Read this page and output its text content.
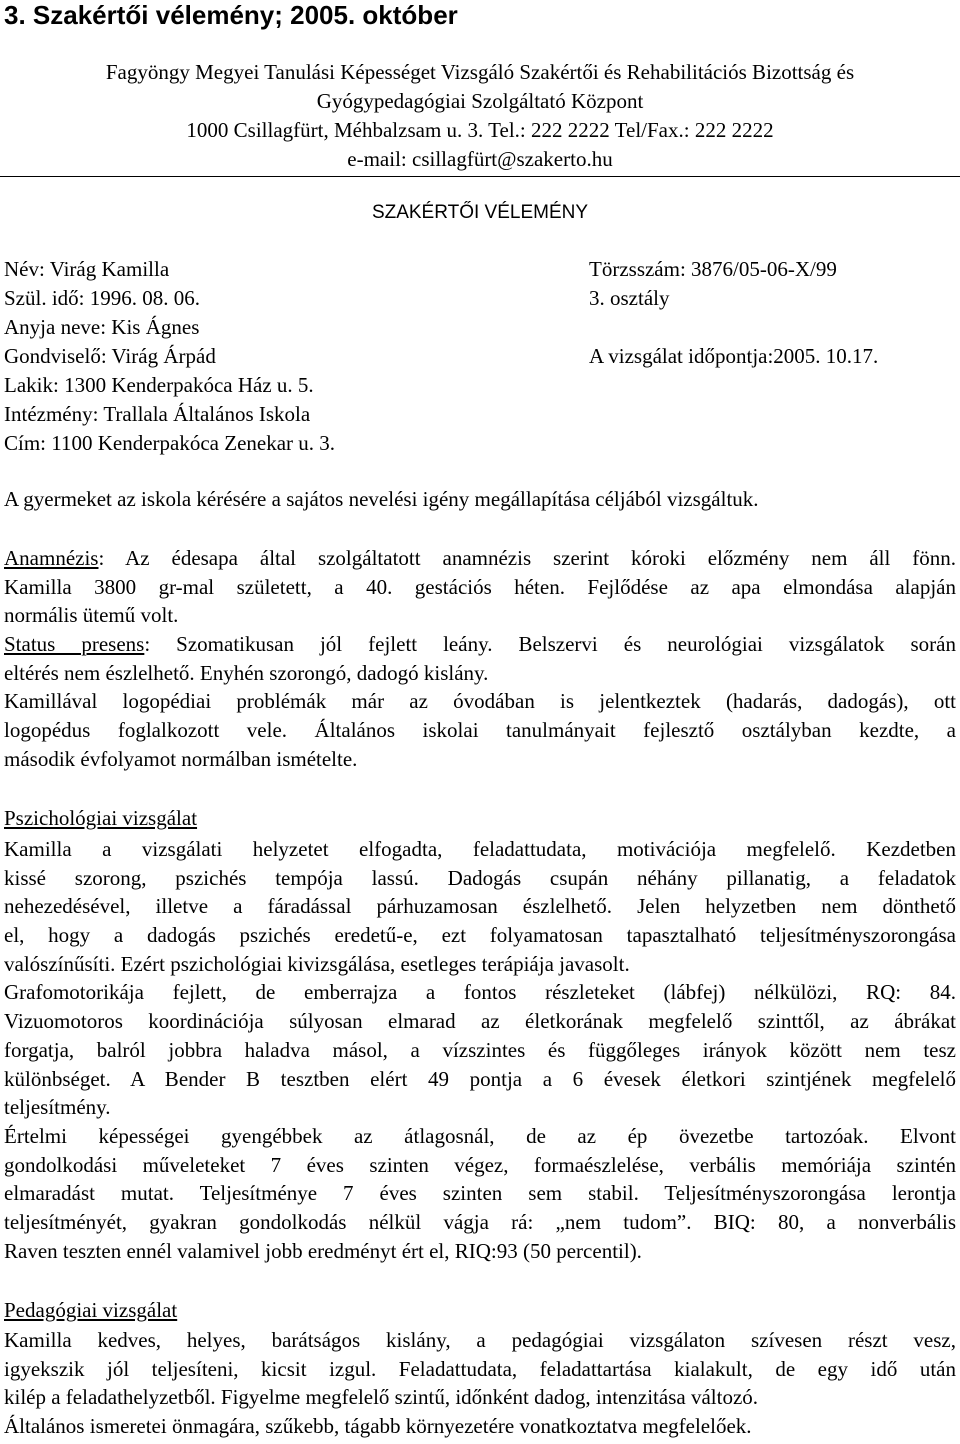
3. Szakértői vélemény; 2005. október
Fagyöngy Megyei Tanulási Képességet Vizsgáló Szakértői és Rehabilitációs Bizottság és
Gyógypedagógiai Szolgáltató Központ
1000 Csillagfürt, Méhbalzsam u. 3. Tel.: 222 2222 Tel/Fax.: 222 2222
e-mail: csillagfürt@szakerto.hu
SZAKÉRTŐI VÉLEMÉNY
Név: Virág Kamilla
Szül. idő: 1996. 08. 06.
Anyja neve: Kis Ágnes
Gondviselő: Virág Árpád
Lakik: 1300 Kenderpakóca Ház u. 5.
Intézmény: Trallala Általános Iskola
Cím: 1100 Kenderpakóca Zenekar u. 3.
Törzsszám: 3876/05-06-X/99
3. osztály
A vizsgálat időpontja:2005. 10.17.
A gyermeket az iskola kérésére a sajátos nevelési igény megállapítása céljából vizsgáltuk.
Anamnézis: Az édesapa által szolgáltatott anamnézis szerint kóroki előzmény nem áll fönn.
Kamilla 3800 gr-mal született, a 40. gestációs héten. Fejlődése az apa elmondása alapján
normális ütemű volt.
Status presens: Szomatikusan jól fejlett leány. Belszervi és neurológiai vizsgálatok során
eltérés nem észlelhető. Enyhén szorongó, dadogó kislány.
Kamillával logopédiai problémák már az óvodában is jelentkeztek (hadarás, dadogás), ott
logopédus foglalkozott vele. Általános iskolai tanulmányait fejlesztő osztályban kezdte, a
második évfolyamot normálban ismételte.
Pszichológiai vizsgálat
Kamilla a vizsgálati helyzetet elfogadta, feladattudata, motivációja megfelelő. Kezdetben
kissé szorong, pszichés tempója lassú. Dadogás csupán néhány pillanatig, a feladatok
nehezedésével, illetve a fáradással párhuzamosan észlelhető. Jelen helyzetben nem dönthető
el, hogy a dadogás pszichés eredetű-e, ezt folyamatosan tapasztalható teljesítményszorongása
valószínűsíti. Ezért pszichológiai kivizsgálása, esetleges terápiája javasolt.
Grafomotorikája fejlett, de emberrajza a fontos részleteket (lábfej) nélkülözi, RQ: 84.
Vizuomotoros koordinációja súlyosan elmarad az életkorának megfelelő szinttől, az ábrákat
forgatja, balról jobbra haladva másol, a vízszintes és függőleges irányok között nem tesz
különbséget. A Bender B tesztben elért 49 pontja a 6 évesek életkori szintjének megfelelő
teljesítmény.
Értelmi képességei gyengébbek az átlagosnál, de az ép övezetbe tartozóak. Elvont
gondolkodási műveleteket 7 éves szinten végez, formaészlelése, verbális memóriája szintén
elmaradást mutat. Teljesítménye 7 éves szinten sem stabil. Teljesítményszorongása lerontja
teljesítményét, gyakran gondolkodás nélkül vágja rá: „nem tudom”. BIQ: 80, a nonverbális
Raven teszten ennél valamivel jobb eredményt ért el, RIQ:93 (50 percentil).
Pedagógiai vizsgálat
Kamilla kedves, helyes, barátságos kislány, a pedagógiai vizsgálaton szívesen részt vesz,
igyekszik jól teljesíteni, kicsit izgul. Feladattudata, feladattartása kialakult, de egy idő után
kilép a feladathelyzetből. Figyelme megfelelő szintű, időnként dadog, intenzitása változó.
Általános ismeretei önmagára, szűkebb, tágabb környezetére vonatkoztatva megfelelőek.
